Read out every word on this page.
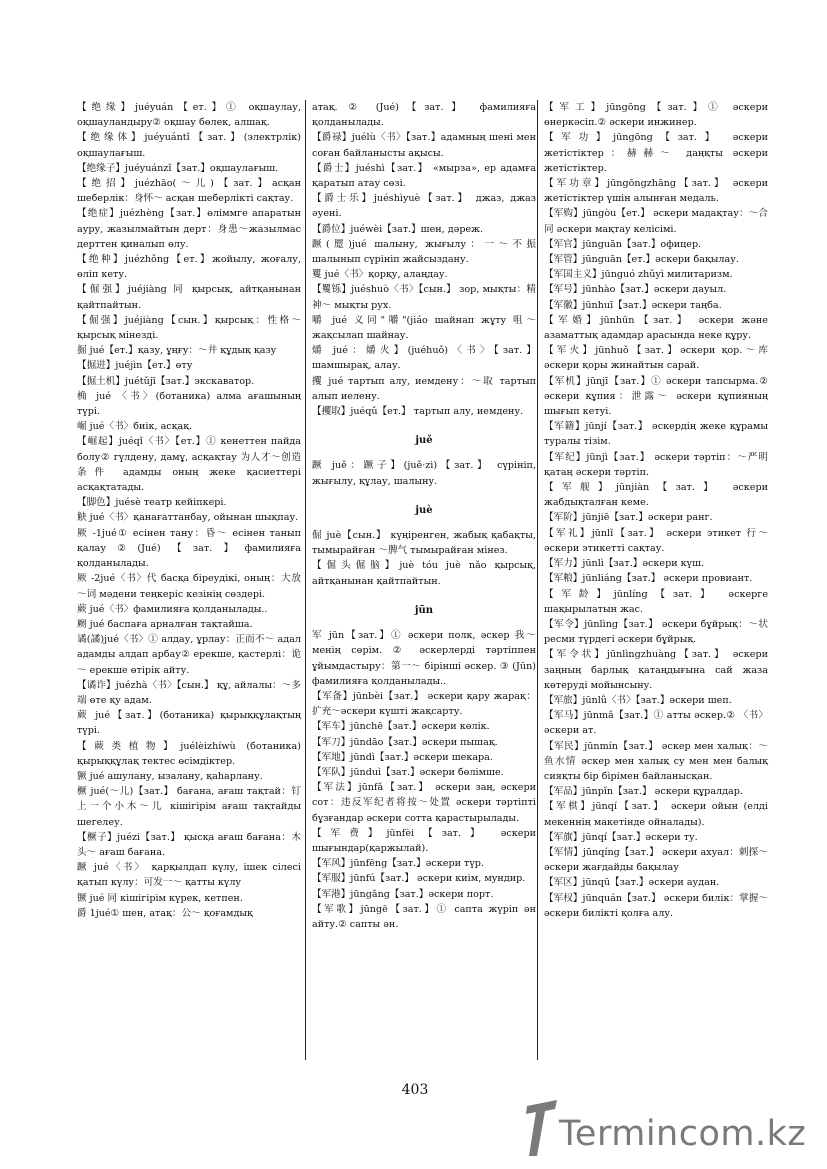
【绝缘】juéyuán【ет.】① оқшаулау, оқшауландыру② оқшау бөлек, алшақ.

【绝缘体】juéyuántǐ【зат.】(электрлік) оқшаулағыш.

【绝缘子】juéyuánzǐ【зат.】оқшаулағыш.

【绝招】juézhāo(～儿)【зат.】асқан шеберлік：身怀～ асқан шеберлікті сақтау.

【绝症】juézhèng【зат.】өліммге апаратын ауру, жазылмайтын дерт：身患～жазылмас дерттен қиналып өлу.

【绝种】juézhǒng【ет.】жойылу, жоғалу, өліп кету.

【倔强】juéjiàng 同 қырсық, айтқанынан қайтпайтын.

【倔强】juéjiàng【сын.】қырсық：性格～қырсық мінезді.

掘 jué【ет.】қазу, ұңғу：～井 құдық қазу

【掘进】juéjìn【ет.】өту

【掘土机】juétǔjī【зат.】экскаватор.

桷 jué 〈书〉(ботаника) алма ағашының түрі.

崛 jué〈书〉биік, асқақ.

【崛起】juéqǐ〈书〉【ет.】① кенеттен пайда болу② гүлдену, дамұ, асқақтау 为人才～创造条件 адамды оның жеке қасиеттері асқақтатады.

【脚色】juésè театр кейіпкері.

觖 jué〈书〉қанағаттанбау, ойынан шықпау.

厥 -1jué① есінен тану：昏～ есінен танып қалау②(Jué)【зат.】фамилияға қолданылады.

厥 -2jué〈书〉代 басқа біреудікі, оның：大放～词 мәдени теңкеріс кезінің сөздері.

蕨 jué〈书〉фамилияға қолданылады..

劂 jué баспаға арналған тақтайша.

谲(譎)jué〈书〉① алдау, ұрлау：正而不～ адал адамды алдап арбау② ерекше, қастерлі：诡～ ерекше өтірік айту.

【谲诈】juézhà〈书〉【сын.】 құ, айлалы：～多端 өте қу адам.

蕨 jué【зат.】(ботаника) қырыққұлақтың түрі.

【蕨类植物】juélèizhíwù (ботаника) қырыққұлақ тектес өсімдіктер.

獗 jué ашулану, ызалану, қаһарлану.

橛 jué(～儿)【зат.】 бағана, ағаш тақтай：钉上一个小木～儿 кішігірім ағаш тақтайды шегелеу.

【橛子】juézi【зат.】 қысқа ағаш бағана：木头～ ағаш бағана.

蹶 jué〈书〉 қарқылдап күлу, ішек сілесі қатып күлу：可发一～ қатты күлу

镢 jué 同 кішігірім күрек, кетпен.

爵 1jué① шен, атақ：公～ қоғамдық

атақ. ② (Jué)【зат.】 фамилияға қолданылады.

【爵禄】juélù〈书〉【зат.】адамның шені мен соған байланысты ақысы.

【爵士】juéshì【зат.】 «мырза», ер адамға қаратып атау сөзі.

【爵士乐】juéshìyuè【зат.】 джаз, джаз әуені.

【爵位】juéwèi【зат.】шен, дәреж.

蹶(蹷)jué шалыну, жығылу：一～不振 шалынып сүрініп жайсыздану.

矍 jué〈书〉қорқу, алаңдау.

【矍铄】juéshuò〈书〉【сын.】 зор, мықты：精神～ мықты рух.

嚼 jué 义同"嚼"(jiáo шайнап жұту 咀～ жақсылап шайнау.

爝 jué：爝火】(juéhuǒ)〈书〉【зат.】 шамшырақ, алау.

攫 jué тартып алу, иемдену：～取 тартып алып иелену.

【攫取】juéqǔ【ет.】 тартып алу, иемдену.

juě

蹶 juě：蹶子】(juě·zi)【зат.】 сүрініп, жығылу, құлау, шалыну.

juè

倔 juè【сын.】 күңіренген, жабық қабақты, тымырайған ～脾气 тымырайған мінез.

【倔头倔脑】juè tóu juè nǎo қырсық, айтқанынан қайтпайтын.

jūn

军 jūn【зат.】① әскери полк, әскер 我～ менің сөрім. ② әскерлерді тәртіппен ұйымдастыру：第一～ бірінші әскер. ③ (Jūn) фамилияға қолданылады..

【军备】jūnbèi【зат.】 әскери қару жарақ：扩充～әскери күшті жақсарту.

【军车】jūnchē【зат.】әскери көлік.

【军刀】jūndāo【зат.】әскери пышақ.

【军地】jūndì【зат.】әскери шекара.

【军队】jūnduì【зат.】әскери бөлімше.

【军法】jūnfǎ【зат.】 әскери заң, әскери сот：违反军纪者将按～处置 әскери тәртіпті бұзғандар әскери сотта қарастырылады.

【军费】jūnfèi【зат.】 әскери шығындар(қаржылай).

【军风】jūnfēng【зат.】әскери түр.

【军服】jūnfú【зат.】 әскери киім, мундир.

【军港】jūngǎng【зат.】әскери порт.

【军歌】jūngē【зат.】① сапта жүріп ән айту.② сапты ән.

【军工】jūngōng【зат.】① әскери өнеркәсіп.② әскери инжинер.

【军功】jūngōng【зат.】 әскери жетістіктер：赫赫～ даңқты әскери жетістіктер.

【军功章】jūngōngzhāng【зат.】 әскери жетістіктер үшін алынған медаль.

【军购】jūngòu【ет.】 әскери мадақтау：～合同 әскери мақтау келісімі.

【军官】jūnguān【зат.】офицер.

【军管】jūnguān【ет.】әскери бақылау.

【军国主义】jūnguó zhǔyì милитаризм.

【军号】jūnhào【зат.】әскери дауыл.

【军徽】jūnhuī【зат.】әскери таңба.

【军婚】jūnhūn【зат.】 әскери және азаматтық адамдар арасында неке құру.

【军火】jūnhuǒ【зат.】әскери қор.～库 әскери қоры жинайтын сарай.

【军机】jūnjī【зат.】① әскери тапсырма.② әскери құпия：泄露～ әскери құпияның шығып кетуі.

【军籍】jūnjí【зат.】 әскердің жеке құрамы туралы тізім.

【军纪】jūnjì【зат.】 әскери тәртіп：～严明 қатаң әскери тәртіп.

【军舰】jūnjiàn【зат.】 әскери жабдықталған кеме.

【军阶】jūnjiē【зат.】әскери ранг.

【军礼】jūnlǐ【зат.】 әскери этикет 行～ әскери этикетті сақтау.

【军力】jūnlì【зат.】әскери күш.

【军粮】jūnliáng【зат.】 әскери провиант.

【军龄】jūnlíng【зат.】 әскерге шақырылатын жас.

【军令】jūnlìng【зат.】 әскери бұйрық：～状 ресми түрдегі әскери бұйрық.

【军令状】jūnlìngzhuàng【зат.】 әскери заңның барлық қатаңдығына сай жаза көтеруді мойынсыну.

【军旅】jūnlǚ〈书〉【зат.】әскери шеп.

【军马】jūnmǎ【зат.】① атты әскер.② 〈书〉әскери ат.

【军民】jūnmín【зат.】 әскер мен халық：～鱼水情 әскер мен халық су мен мен балық сияқты бір бірімен байланысқан.

【军品】jūnpǐn【зат.】 әскери құралдар.

【军棋】jūnqí【зат.】 әскери ойын (елді мекеннің макетінде ойналады).

【军旗】jūnqí【зат.】әскери ту.

【军情】jūnqíng【зат.】 әскери ахуал：刺探～ әскери жағдайды бақылау

【军区】jūnqū【зат.】әскери аудан.

【军权】jūnquán【зат.】 әскери билік：掌握～ әскери билікті қолға алу.

403
Termincom.kz
